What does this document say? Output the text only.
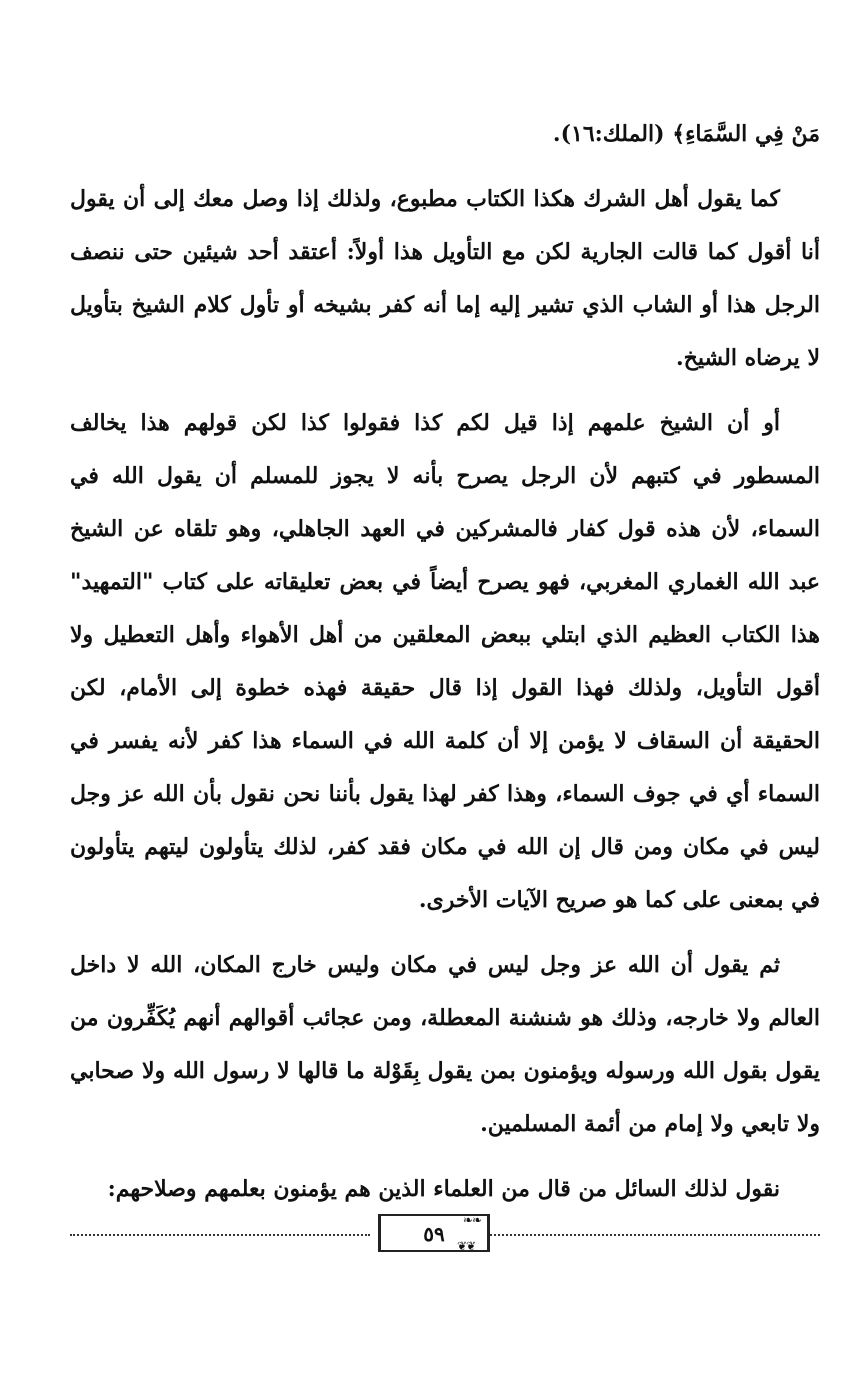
مَنْ فِي السَّمَاءِ﴾ (الملك:١٦).

كما يقول أهل الشرك هكذا الكتاب مطبوع، ولذلك إذا وصل معك إلى أن يقول أنا أقول كما قالت الجارية لكن مع التأويل هذا أولاً: أعتقد أحد شيئين حتى ننصف الرجل هذا أو الشاب الذي تشير إليه إما أنه كفر بشيخه أو تأول كلام الشيخ بتأويل لا يرضاه الشيخ.

أو أن الشيخ علمهم إذا قيل لكم كذا فقولوا كذا لكن قولهم هذا يخالف المسطور في كتبهم لأن الرجل يصرح بأنه لا يجوز للمسلم أن يقول الله في السماء، لأن هذه قول كفار فالمشركين في العهد الجاهلي، وهو تلقاه عن الشيخ عبد الله الغماري المغربي، فهو يصرح أيضاً في بعض تعليقاته على كتاب "التمهيد" هذا الكتاب العظيم الذي ابتلي ببعض المعلقين من أهل الأهواء وأهل التعطيل ولا أقول التأويل، ولذلك فهذا القول إذا قال حقيقة فهذه خطوة إلى الأمام، لكن الحقيقة أن السقاف لا يؤمن إلا أن كلمة الله في السماء هذا كفر لأنه يفسر في السماء أي في جوف السماء، وهذا كفر لهذا يقول بأننا نحن نقول بأن الله عز وجل ليس في مكان ومن قال إن الله في مكان فقد كفر، لذلك يتأولون ليتهم يتأولون في بمعنى على كما هو صريح الآيات الأخرى.

ثم يقول أن الله عز وجل ليس في مكان وليس خارج المكان، الله لا داخل العالم ولا خارجه، وذلك هو شنشنة المعطلة، ومن عجائب أقوالهم أنهم يُكَفِّرون من يقول بقول الله ورسوله ويؤمنون بمن يقول بِقَوْلة ما قالها لا رسول الله ولا صحابي ولا تابعي ولا إمام من أئمة المسلمين.

نقول لذلك السائل من قال من العلماء الذين هم يؤمنون بعلمهم وصلاحهم:

❧❧
❦❦
٥٩
